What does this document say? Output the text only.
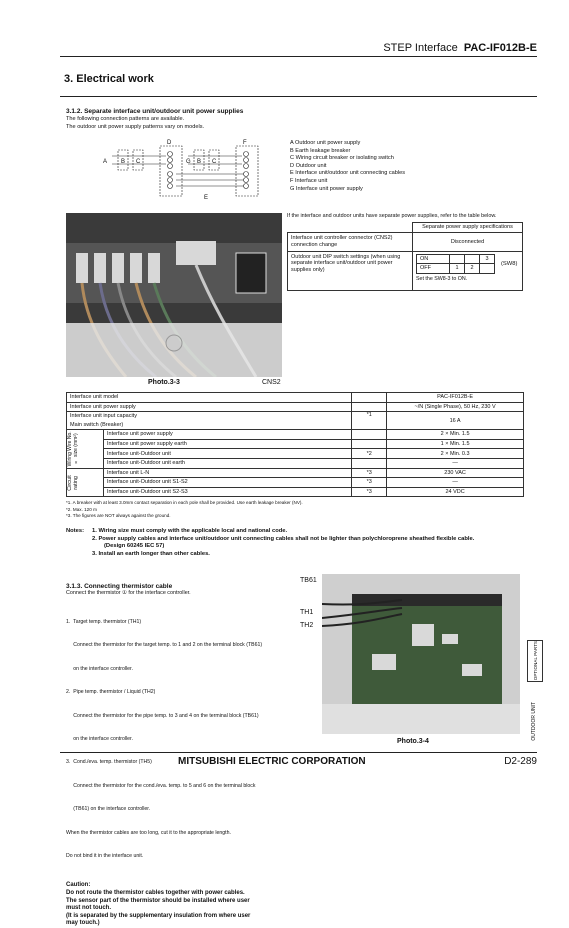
STEP Interface PAC-IF012B-E
3. Electrical work
3.1.2. Separate interface unit/outdoor unit power supplies
The following connection patterns are available.
The outdoor unit power supply patterns vary on models.
A B C
D
G B C
F
E
A Outdoor unit power supply
B Earth leakage breaker
C Wiring circuit breaker or isolating switch
D Outdoor unit
E Interface unit/outdoor unit connecting cables
F Interface unit
G Interface unit power supply
Photo.3-3	CNS2
If the interface and outdoor units have separate power supplies, refer to the table below.
	Separate power supply specifications
Interface unit controller connector (CNS2) connection change	Disconnected
Outdoor unit DIP switch settings (when using separate interface unit/outdoor unit power supplies only)	
ON			3
OFF	1	2	
(SW8)
Set the SW8-3 to ON.
Interface unit model			PAC-IF012B-E
Interface unit power supply			~/N (Single Phase), 50 Hz, 230 V

Interface unit input capacity
Main switch (Breaker)		*1	16 A

Wiring Wire No. × size (mm²)	Interface unit power supply		2 × Min. 1.5
	Interface unit power supply earth		1 × Min. 1.5
	Interface unit-Outdoor unit	*2	2 × Min. 0.3
	Interface unit-Outdoor unit earth		—

Circuit rating	Interface unit L-N	*3	230 VAC
	Interface unit-Outdoor unit S1-S2	*3	—
	Interface unit-Outdoor unit S2-S3	*3	24 VDC
*1. A breaker with at least 3.0mm contact separation in each pole shall be provided. Use earth leakage breaker (NV).
*2. Max. 120 m
*3. The figures are NOT always against the ground.
Notes:	1. Wiring size must comply with the applicable local and national code.
2. Power supply cables and interface unit/outdoor unit connecting cables shall not be lighter than polychloroprene sheathed flexible cable.
(Design 60245 IEC 57)
3. Install an earth longer than other cables.
3.1.3. Connecting thermistor cable
Connect the thermistor ① for the interface controller.

1.  Target temp. thermistor (TH1)

Connect the thermistor for the target temp. to 1 and 2 on the terminal block (TB61)

on the interface controller.

2.  Pipe temp. thermistor / Liquid (TH2)

Connect the thermistor for the pipe temp. to 3 and 4 on the terminal block (TB61)

on the interface controller.

3.  Cond./eva. temp. thermistor (TH5)

Connect the thermistor for the cond./eva. temp. to 5 and 6 on the terminal block

(TB61) on the interface controller.

When the thermistor cables are too long, cut it to the appropriate length.

Do not bind it in the interface unit.

Caution:
Do not route the thermistor cables together with power cables.
The sensor part of the thermistor should be installed where user
must not touch.
(It is separated by the supplementary insulation from where user
may touch.)
TB61
TH1
TH2
Photo.3-4
OPTIONAL PARTS
OUTDOOR UNIT
MITSUBISHI ELECTRIC CORPORATION	D2-289
